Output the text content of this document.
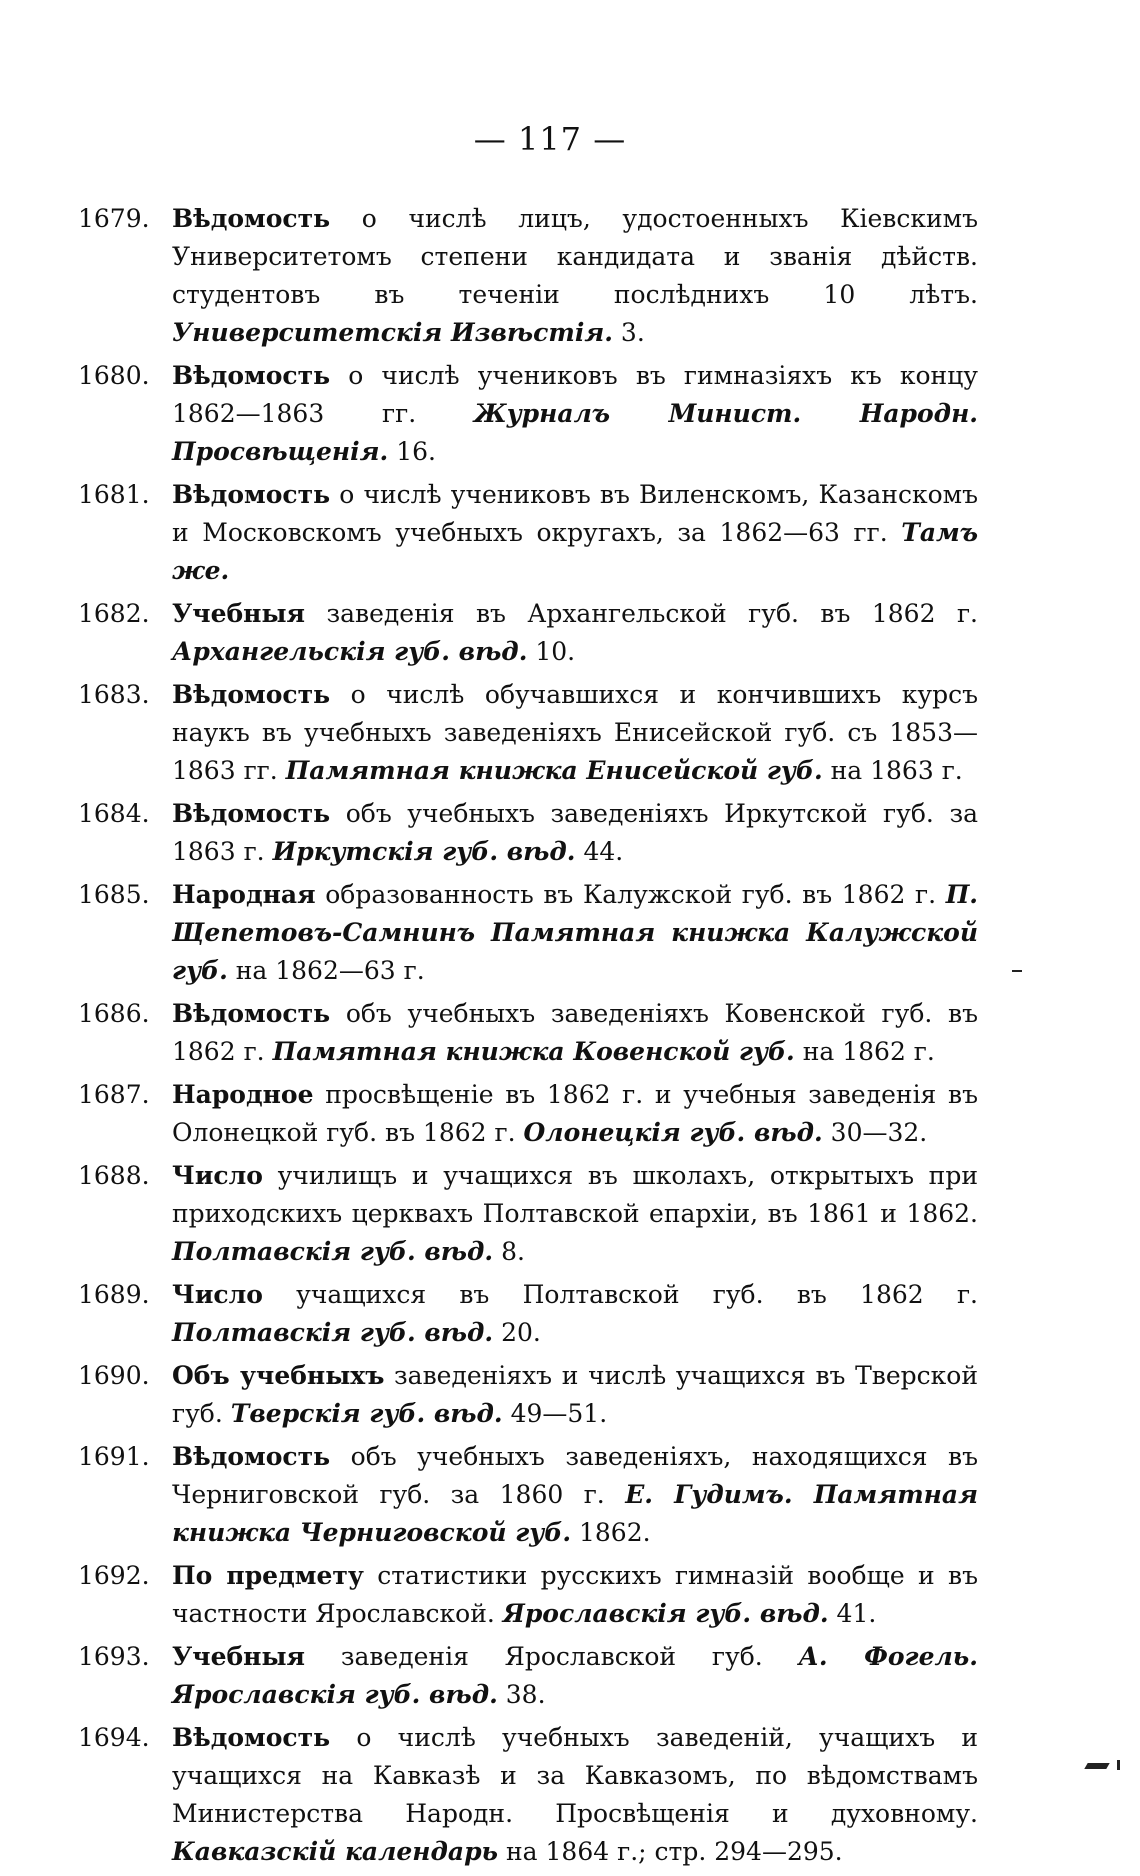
— 117 —
1679. Вѣдомость о числѣ лицъ, удостоенныхъ Кіевскимъ Университетомъ степени кандидата и званія дѣйств. студентовъ въ теченіи послѣднихъ 10 лѣтъ. Университетскія Извѣстія. 3.
1680. Вѣдомость о числѣ учениковъ въ гимназіяхъ къ концу 1862—1863 гг. Журналъ Минист. Народн. Просвѣщенія. 16.
1681. Вѣдомость о числѣ учениковъ въ Виленскомъ, Казанскомъ и Московскомъ учебныхъ округахъ, за 1862—63 гг. Тамъ же.
1682. Учебныя заведенія въ Архангельской губ. въ 1862 г. Архангельскія губ. вѣд. 10.
1683. Вѣдомость о числѣ обучавшихся и кончившихъ курсъ наукъ въ учебныхъ заведеніяхъ Енисейской губ. съ 1853—1863 гг. Памятная книжка Енисейской губ. на 1863 г.
1684. Вѣдомость объ учебныхъ заведеніяхъ Иркутской губ. за 1863 г. Иркутскія губ. вѣд. 44.
1685. Народная образованность въ Калужской губ. въ 1862 г. П. Щепетовъ-Самнинъ Памятная книжка Калужской губ. на 1862—63 г.
1686. Вѣдомость объ учебныхъ заведеніяхъ Ковенской губ. въ 1862 г. Памятная книжка Ковенской губ. на 1862 г.
1687. Народное просвѣщеніе въ 1862 г. и учебныя заведенія въ Олонецкой губ. въ 1862 г. Олонецкія губ. вѣд. 30—32.
1688. Число училищъ и учащихся въ школахъ, открытыхъ при приходскихъ церквахъ Полтавской епархіи, въ 1861 и 1862. Полтавскія губ. вѣд. 8.
1689. Число учащихся въ Полтавской губ. въ 1862 г. Полтавскія губ. вѣд. 20.
1690. Объ учебныхъ заведеніяхъ и числѣ учащихся въ Тверской губ. Тверскія губ. вѣд. 49—51.
1691. Вѣдомость объ учебныхъ заведеніяхъ, находящихся въ Черниговской губ. за 1860 г. Е. Гудимъ. Памятная книжка Черниговской губ. 1862.
1692. По предмету статистики русскихъ гимназій вообще и въ частности Ярославской. Ярославскія губ. вѣд. 41.
1693. Учебныя заведенія Ярославской губ. А. Фогель. Ярославскія губ. вѣд. 38.
1694. Вѣдомость о числѣ учебныхъ заведеній, учащихъ и учащихся на Кавказѣ и за Кавказомъ, по вѣдомствамъ Министерства Народн. Просвѣщенія и духовному. Кавказскій календарь на 1864 г.; стр. 294—295.
